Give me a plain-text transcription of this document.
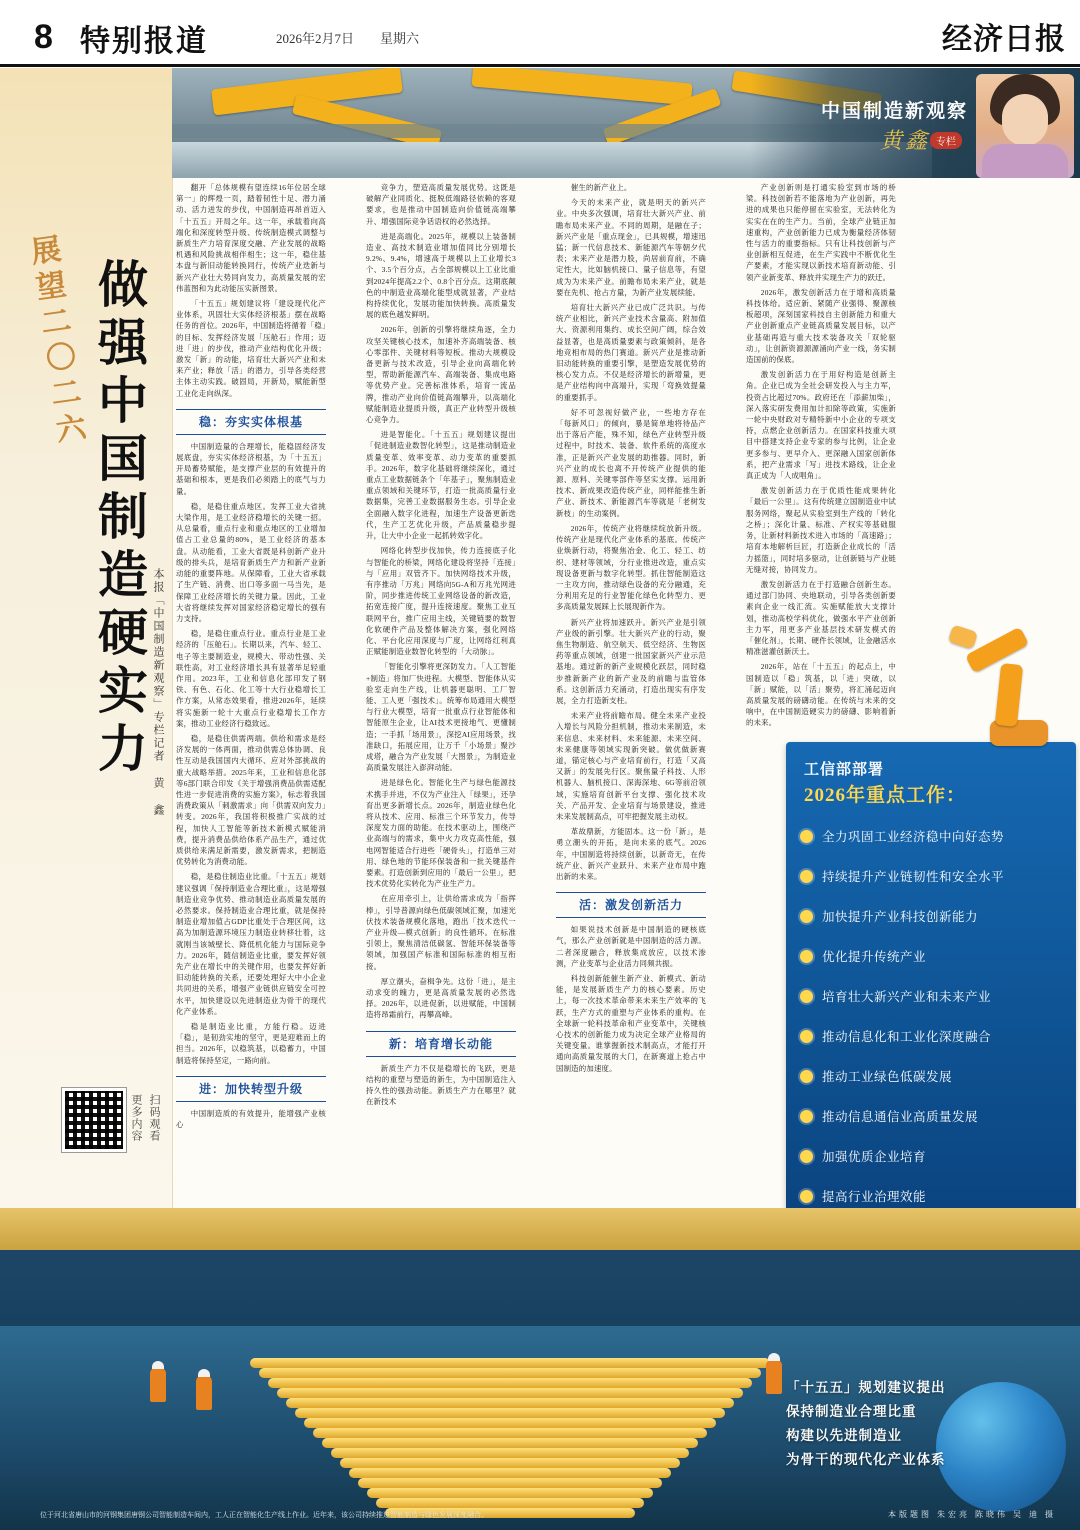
8 特别报道	2026年2月7日 星期六	经济日报
展望二〇二六 做强中国制造硬实力 本报「中国制造新观察」专栏记者 黄 鑫
更多内容 扫码观看
中国制造新观察
黄鑫 专栏

翻开「总体规模有望连续16年位居全球第一」的辉煌一页，踏着韧性十足、潜力涌动、活力迸发的步伐，中国制造再昂首迈入「十五五」开局之年。这一年，承载着向高端化和深度转型升级、传统制造模式调整与新质生产力培育深度交融、产业发展的战略机遇和风险挑战相伴相生；这一年，稳住基本盘与新旧动能转换同行，传统产业迭新与新兴产业壮大势同向发力，高质量发展的宏伟蓝图和为此动能压实新图景。

「十五五」规划建议将「建设现代化产业体系，巩固壮大实体经济根基」摆在战略任务的首位。2026年，中国制造将循着「稳」的目标、发挥经济发展「压舱石」作用；迈进「进」的步伐，推动产业结构优化升级；激发「新」的动能，培育壮大新兴产业和未来产业；释放「活」的潜力，引导各类经营主体主动实践。破固局，开新局，赋能新型工业化走向纵深。

稳：夯实实体根基

中国制造量的合理增长，能稳固经济发展底盘，夯实实体经济根基，为「十五五」开局蓄势赋能，是支撑产业层的有效提升的基础和根本，更是我们必须踏上的底气与力量。

稳，是稳住重点地区。发挥工业大省挑大梁作用，是工业经济稳增长的关键一招。从总量看，重点行业和重点地区的工业增加值占工业总量的80%，是工业经济的基本盘。从动能看，工业大省既是科创新产业升级的排头兵，是培育新质生产力和新产业新动能的重要阵地。从保障看，工业大省承载了生产链、消费、出口等多面一马当先，是保障工业经济增长的关键力量。因此，工业大省将继续发挥对国家经济稳定增长的强有力支持。

稳，是稳住重点行业。重点行业是工业经济的「压舱石」。长期以来，汽车、轻工、电子等主要制造业，规模大、带动性强、关联性高，对工业经济增长具有显著举足轻重作用。2023年，工业和信息化部印发了钢铁、有色、石化、化工等十大行业稳增长工作方案，从常态效果看，推进2026年，延续将实施新一轮十大重点行业稳增长工作方案，推动工业经济行稳致远。

稳，是稳住供需两端。供给和需求是经济发展的一体两面，推动供需总体协调、良性互动是我国国内大循环、应对外部挑战的重大战略举措。2025年来，工业和信息化部等6部门联合印发《关于增强消费品供需适配性进一步促进消费的实施方案》，标志着我国消费政策从「刺激需求」向「供需双向发力」转变。2026年，我国将积极推广实战的过程，加快人工智能等新技术新模式赋能消费，提升消费品供给体系产品生产，通过优质供给来满足新需要，激发新需求，把制造优势转化为消费动能。

稳，是稳住制造业比重。「十五五」规划建议强调「保持制造业合理比重」，这是增强制造业竞争优势、推动制造业高质量发展的必然要求。保持制造业合理比重，就是保持制造业增加值占GDP比重处于合理区间，这高为加制造源环境压力制造业转移壮着，这就刚当该城壁长、降低机化能力与国际竞争力。2026年，随信制造业比重，要发挥好领先产业在增长中的关键作用，也要发挥好新旧动能转换的关系，还要处理好大中小企业共同进的关系，增强产业链供应链安全可控水平，加快建设以先进制造业为骨干的现代化产业体系。

稳是制造业比重，方能行稳。迈进「稳」，是韧劲实地的坚守，更是迎难而上的担当。2026年，以稳筑基，以稳蓄力，中国制造将保持坚定，一路向前。

进：加快转型升级

中国制造质的有效提升，能增强产业核心

竞争力，塑造高质量发展优势。这既是破解产业同质化、挺脱低端路径依赖的客观要求，也是推动中国制造向价值链高端攀升、增强国际竞争话语权的必然选择。

进是高端化。2025年，规模以上装备制造业、高技术制造业增加值同比分别增长9.2%、9.4%，增速高于规模以上工业增长3个、3.5个百分点，占全部规模以上工业比重到2024年提高2.2个、0.8个百分点。这期底颠色的中制造业高端化能型成就显著，产业结构持续优化，发展功能加快转换。高质量发展的底色越发鲜明。

2026年，创新的引擎将继续角逐，全力攻坚关键核心技术，加速补齐高端装备、核心零部件、关键材料等短板。推动大规模设备更新与技术改造，引导企业向高端化转型，帮助新能源汽车、高端装备、集成电路等优势产业。完善标准体系，培育一流品牌，推动产业向价值链高端攀升，以高端化赋能制造业提质升级，真正产业转型升级核心竞争力。

进是智能化。「十五五」规划建议提出「促进制造业数智化转型」，这是推动制造业质量变革、效率变革、动力变革的重要抓手。2026年，数字化基础将继续深化，通过重点工业数据链条个「年基子」，聚焦制造业重点领域和关键环节，打造一批高质量行业数据集，完善工业数据服务生态。引导企业全面融入数字化进程，加速生产设备更新迭代，生产工艺优化升级，产品质量稳步提升，让大中小企业一起抓转效字化。

网络化转型步伐加快，传力连接底子化与智能化的桥梁，网络化建设将坚持「连接」与「应用」双管齐下。加快网络技术升级，有序推动「万兆」网络向5G-A和万兆光网进阶，同步推进传统工业网络设备的新改造，拓宽连接广度，提升连接速度。聚焦工业互联网平台，推广应用主线，关键链要的数智化软硬件产品及整体解决方案，强化网络化、平台化应用深度与广度，让网络红利真正赋能制造业数智化转型的「大动脉」。

「智能化引擎将更深防发力。「人工智能+制造」将加厂快进程。大模型、智能体从实验室走向生产线，让机器更聪明、工厂智能、工人更「强技术」。统筹布局通用大模型与行业大模型，培育一批重点行业智能体和智能原生企业，让AI技术更接地气、更懂制造；一手抓「场用景」，深挖AI应用场景，找准缺口，拓展应用，让万千「小场景」聚沙成塔，融合为产业发展「大图景」，为制造业高质量发展注入澎湃动能。

进是绿色化。智能化生产与绿色能源技术携手并进，不仅为产业注入「绿果」，还孕育出更多新增长点。2026年，制造业绿色化将从技术、应用、标准三个环节发力，传导深度发力面的助能。在技术驱动上，围绕产业高端与的需求，集中火力攻克高性能，强电网智能适合行进些「硬骨头」，打造单三对用、绿色地的节能环保装备和一批关键基件要素。打造创新到应用的「最后一公里」，把技术优势化实转化为产业生产力。

在应用牵引上，让供给需求成为「指挥棒」，引导普源向绿色低碳领域汇聚，加速光伏技术装备规模化落地，跑出「技术迭代一产业升级—模式创新」的良性循环。在标准引领上，聚焦清洁低碳氢、智能环保装备等领域，加强国产标准和国际标准的相互衔接。

厚立潮头，奋楫争先。这份「进」，是主动求变的魄力，更是高质量发展的必然选择。2026年，以进促新，以进赋能，中国制造将昂霜前行，再攀高峰。

新：培育增长动能

新质生产力不仅是稳增长的飞跃，更是结构的重塑与塑造的新生，为中国制造注入持久性的强劲动能。新质生产力在哪里？就在新技术

催生的新产业上。

今天的未来产业，就是明天的新兴产业。中央多次强调，培育壮大新兴产业、前瞻布局未来产业。不同的周期，是融在子；新兴产业是「重点现金」，已具规模，增速迅猛；新一代信息技术、新能源汽车等朝夕代表；未来产业是潜力股，尚居前育前，不确定性大，比如脑机接口、量子信息等，有望成为为未来产业。前瞻布局未来产业，就是要在先机、抢占方量，为新产业发展续能。

培育壮大新兴产业已成广泛共识。与传统产业相比，新兴产业技术含量高、附加值大、资源利用集约、成长空间广阔，综合效益显著，也是高质量要素与政策倾斜，是各地竞相布局的热门赛道。新兴产业是推动新旧动能转换的重要引擎，是塑造发展优势的核心发力点。不仅是经济增长的新增量，更是产业结构向中高端升，实现「弯换效提量的重要抓手。

好不可忽视好做产业，一些地方存在「每新风口」的倾向，暴是简单地将待品产出于落后产能，殊不知，绿色产业转型升级过程中，时技术、装备、软件系统的高度水准，正是新兴产业发展的助推器。同时，新兴产业的成长也离不开传统产业提供的能源、原料、关键零部件等坚实支撑。运用新技术、新成果改造传统产业，同样能推生新产业、新技术、新能源汽车等就是「老树发新枝」的生动案例。

2026年，传统产业将继续绽放新升级。传统产业是现代化产业体系的基底。传统产业焕新行动，将聚焦冶金、化工、轻工、纺织、建材等领域，分行业推进改造，重点实现设备更新与数字化转型。抓住智能制造这一主攻方向，推动绿色设备的充分融通，充分利用充足的行业智能化绿色化转型力、更多高质量发展踩上长展现新作为。

新兴产业将加速跃升。新兴产业是引领产业级的新引擎。壮大新兴产业的行动，聚焦生物制造、航空航天、低空经济、生物医药等重点领域，创建一批国家新兴产业示范基地。通过新的新产业规模化跃层，同时稳步推新新产业的新产业及的前瞻与监管体系。这创新活力充涌动，打造出现实有序发展，全力打造新支柱。

未来产业将前瞻布局。健全未来产业投入增长与风险分担机制，推动未来制造，未来信息、未来材料、未来能源、未来空间、未来健康等领域实现新突破。做优做新赛道，锚定核心与产业培育前行，打造「又高又新」的发展先行区。聚焦量子科技、人形机器人、脑机接口、深海深地、6G等前沿领域，实施培育创新平台支撑、强化技术攻关、产品开发、企业培育与场景建设，推进未来发展制高点，可牢把握发展主动权。

革故鼎新，方能固本。这一份「新」，是勇立潮头的开拓，是向未来的底气。2026年，中国制造将持续创新，以新奇无，在传统产业、新兴产业跃升、未来产业布局中跑出新的未来。

活：激发创新活力

如果说技术创新是中国制造的硬核底气，那么产业创新就是中国制造的活力源。二者深度融合，释放集成放应，以技术渗测，产业变革与企业活力同频共振。

科技创新能催生新产业、新模式、新动能，是发展新质生产力的核心要素。历史上，每一次技术革命带来未来生产效率的飞跃，生产方式的重塑与产业体系的重构。在全球新一轮科技革命和产业变革中，关键核心技术的创新能力成为决定全球产业格局的关键变量。谁掌握新技术制高点，才能打开通向高质量发展的大门，在新赛道上抢占中国制造的加速度。

产业创新则是打通实验室到市场的桥梁。科技创新若不能落地为产业创新，再先进的成果也只能停留在实验室，无法转化为实实在在的生产力。当前，全球产业链正加速重构，产业创新能力已成为衡量经济体韧性与活力的重要指标。只有让科技创新与产业创新相互促进，在生产实践中不断优化生产要素，才能实现以新技术培育新动能、引领产业新变革、释放并实现生产力的跃迁。

2026年，激发创新活力在于增和高质量科技体给。适应新、紧随产业强得、聚源核板超项，深刻国家科技自主创新能力和重大产业创新重点产业链高质量发展目标，以产业基础再造与重大技术装备攻关「双轮驱动」，让创新资源源源涌向产业一线，务实制造国前的保底。

激发创新活力在于用好构造是创新主角。企业已成为全社会研发投入与主力军，投资占比超过70%。政府还在「添薪加柴」，深入落实研发费用加计扣除等政策，实施新一轮中央财政对专精特新中小企业的专项支持，点燃企业创新活力。在国家科技重大项目中搭建支持企业专家的参与比例，让企业更多参与、更早介入、更深融入国家创新体系，把产业需求「写」进技术路线，让企业真正成为「人成唱角」。

激发创新活力在于优质性能成果转化「最后一公里」。这有传统建立国制造业中试服务网络，聚起从实验室到生产线的「转化之桥」；深化计量、标准、产权实等基础服务，让新材料新技术进入市场的「高速路」；培育本地解析巨匠，打造新企业成长的「活力摇篮」，同时培多驱动，让创新链与产业链无缝对接，协同发力。

激发创新活力在于打造融合创新生态。通过部门协同、央地联动，引导各类创新要素向企业一线汇流。实施赋能放大支撑计划，推动高校学科优化，做强水平产业创新主力军，用更多产业基层技术研发模式的「催化剂」，长期、硬件长领域，让金融活水精准滋灌创新沃土。

2026年，站在「十五五」的起点上，中国制造以「稳」筑基，以「进」突破，以「新」赋能，以「活」聚势，将汇涌起迈向高质量发展的磅礴动能。在传统与未来的交响中，在中国制造硬实力的磅礴、影响着新的未来。

工信部部署
2026年重点工作：
全力巩固工业经济稳中向好态势
持续提升产业链韧性和安全水平
加快提升产业科技创新能力
优化提升传统产业
培育壮大新兴产业和未来产业
推动信息化和工业化深度融合
推动工业绿色低碳发展
推动信息通信业高质量发展
加强优质企业培育
提高行业治理效能
「十五五」规划建议提出
保持制造业合理比重
构建以先进制造业
为骨干的现代化产业体系
位于河北省唐山市的河钢集团唐钢公司智能制造车间内，工人正在智能化生产线上作业。近年来，该公司持续推进智能制造与绿色发展深度融合。	本版题图 朱宏亮 陈晓伟 吴 迪 摄
